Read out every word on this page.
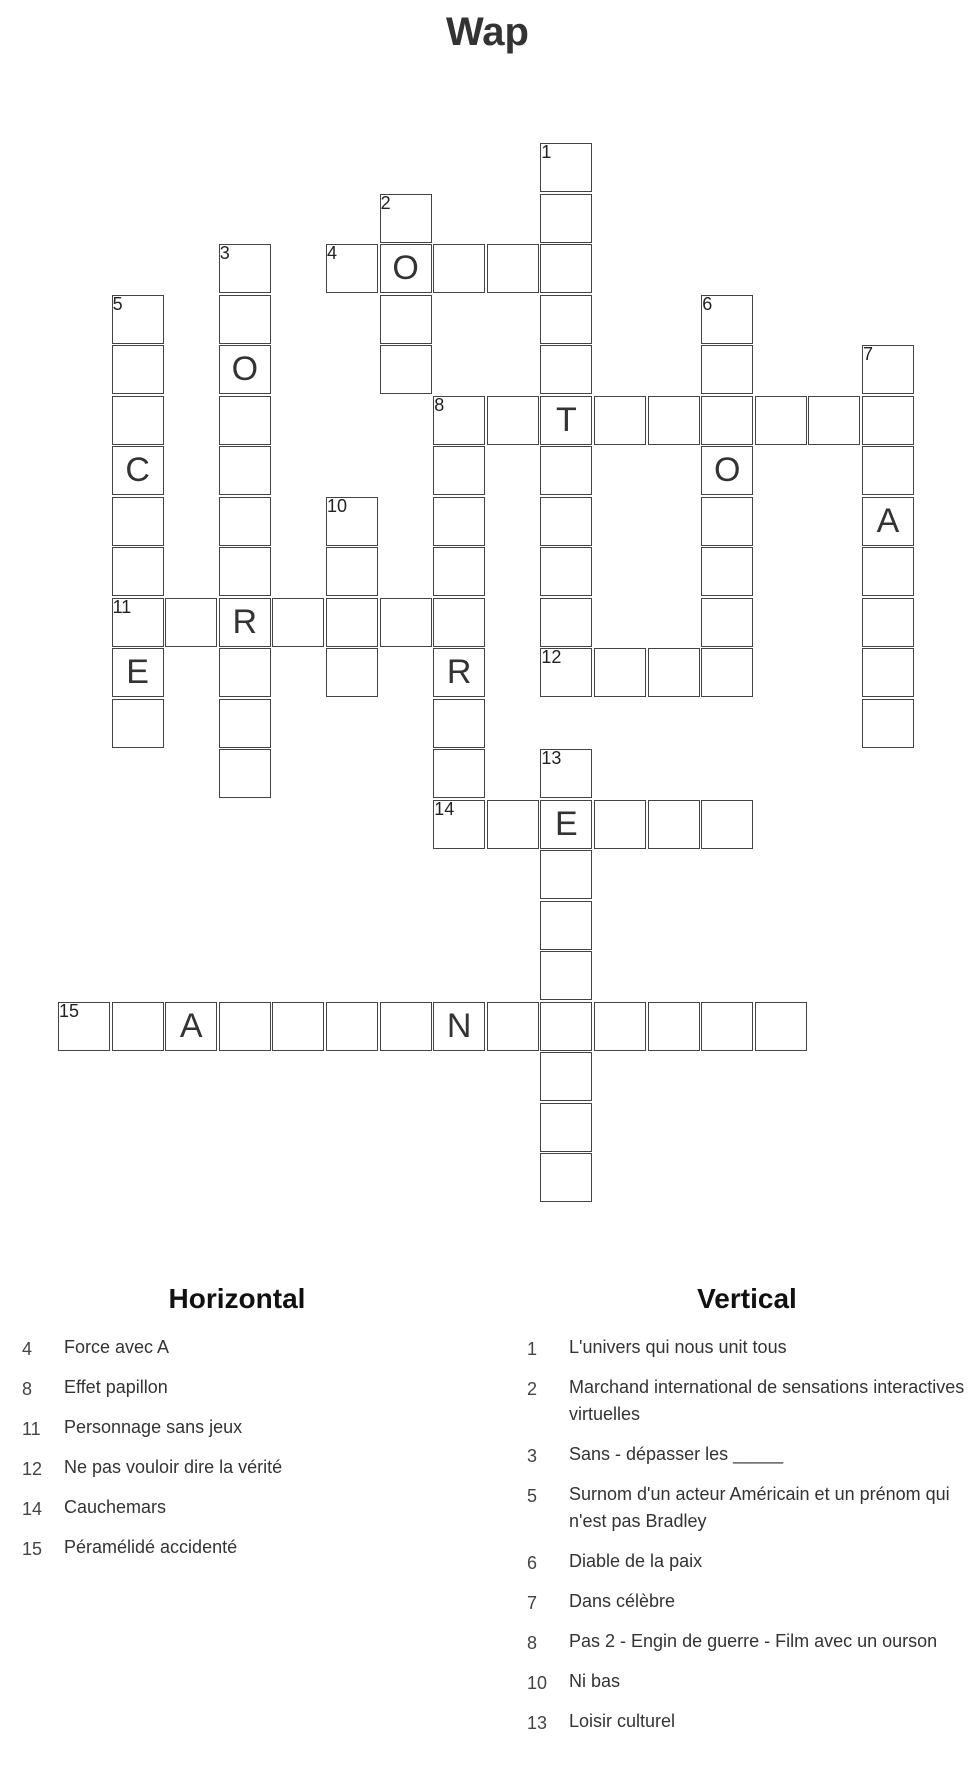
Wap
1
T
12
2
O
3
O
R
4
5
C
11
E
6
O
7
A
8
R
10
13
E
14
15	A	N
Horizontal	Vertical
4	Force avec A
8	Effet papillon
11	Personnage sans jeux
12	Ne pas vouloir dire la vérité
14	Cauchemars
15	Péramélidé accidenté
1	L'univers qui nous unit tous
2	Marchand international de sensations interactives virtuelles
3	Sans - dépasser les _____
5	Surnom d'un acteur Américain et un prénom qui n'est pas Bradley
6	Diable de la paix
7	Dans célèbre
8	Pas 2 - Engin de guerre - Film avec un ourson
10	Ni bas
13	Loisir culturel
